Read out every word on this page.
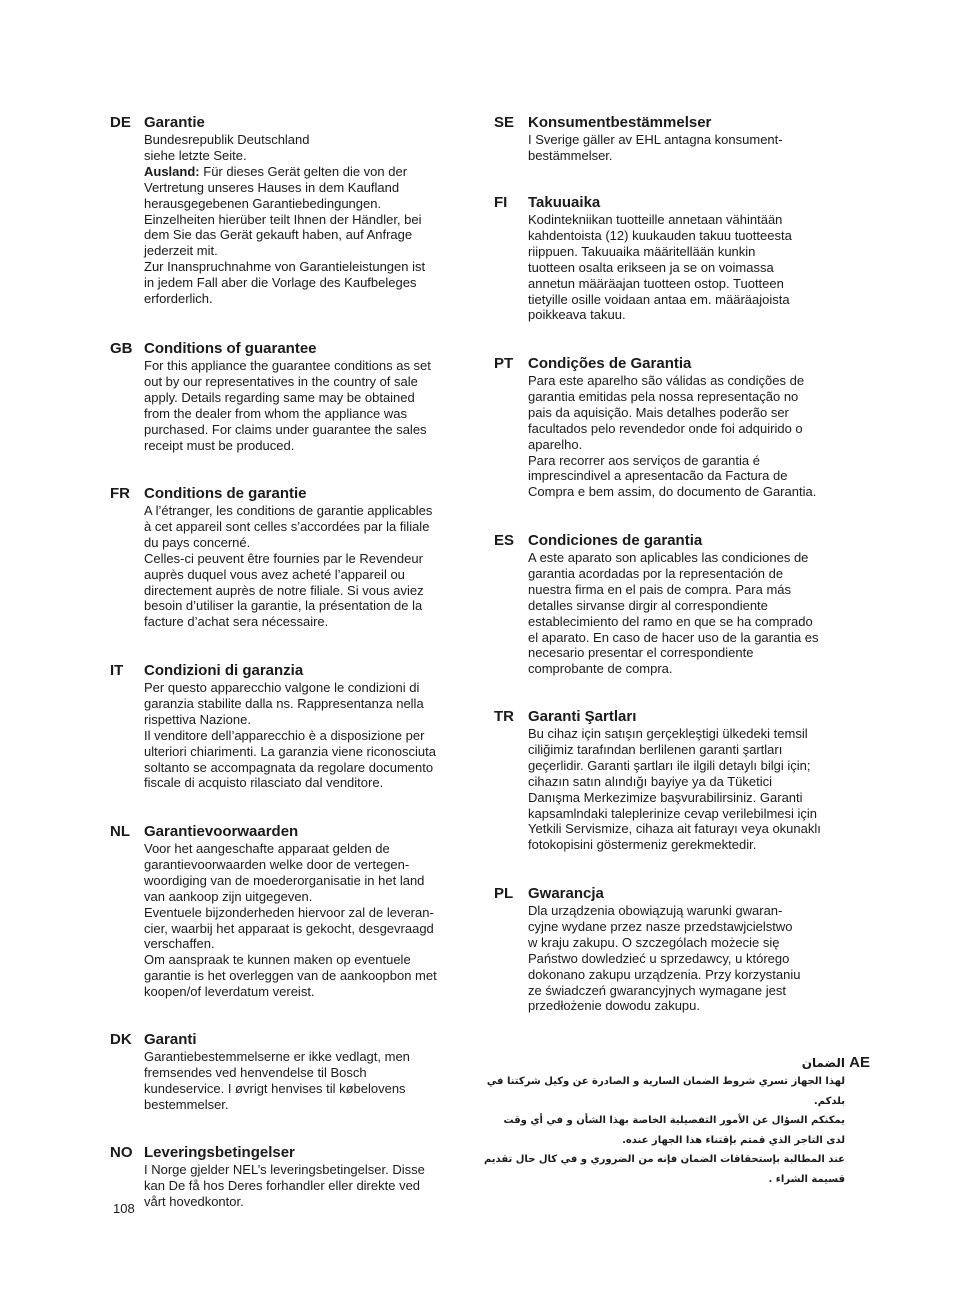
DE Garantie
Bundesrepublik Deutschland
siehe letzte Seite.
Ausland: Für dieses Gerät gelten die von der
Vertretung unseres Hauses in dem Kaufland
herausgegebenen Garantiebedingungen.
Einzelheiten hierüber teilt Ihnen der Händler, bei
dem Sie das Gerät gekauft haben, auf Anfrage
jederzeit mit.
Zur Inanspruchnahme von Garantieleistungen ist
in jedem Fall aber die Vorlage des Kaufbeleges
erforderlich.
GB Conditions of guarantee
For this appliance the guarantee conditions as set
out by our representatives in the country of sale
apply. Details regarding same may be obtained
from the dealer from whom the appliance was
purchased. For claims under guarantee the sales
receipt must be produced.
FR Conditions de garantie
A l’étranger, les conditions de garantie applicables
à cet appareil sont celles s’accordées par la filiale
du pays concerné.
Celles-ci peuvent être fournies par le Revendeur
auprès duquel vous avez acheté l’appareil ou
directement auprès de notre filiale. Si vous aviez
besoin d’utiliser la garantie, la présentation de la
facture d’achat sera nécessaire.
IT Condizioni di garanzia
Per questo apparecchio valgone le condizioni di
garanzia stabilite dalla ns. Rappresentanza nella
rispettiva Nazione.
Il venditore dell’apparecchio è a disposizione per
ulteriori chiarimenti. La garanzia viene riconosciuta
soltanto se accompagnata da regolare documento
fiscale di acquisto rilasciato dal venditore.
NL Garantievoorwaarden
Voor het aangeschafte apparaat gelden de
garantievoorwaarden welke door de vertegen-
woordiging van de moederorganisatie in het land
van aankoop zijn uitgegeven.
Eventuele bijzonderheden hiervoor zal de leveran-
cier, waarbij het apparaat is gekocht, desgevraagd
verschaffen.
Om aanspraak te kunnen maken op eventuele
garantie is het overleggen van de aankoopbon met
koopen/of leverdatum vereist.
DK Garanti
Garantiebestemmelserne er ikke vedlagt, men
fremsendes ved henvendelse til Bosch
kundeservice. I øvrigt henvises til købelovens
bestemmelser.
NO Leveringsbetingelser
I Norge gjelder NEL’s leveringsbetingelser. Disse
kan De få hos Deres forhandler eller direkte ved
vårt hovedkontor.
SE Konsumentbestämmelser
I Sverige gäller av EHL antagna konsument-
bestämmelser.
FI Takuuaika
Kodintekniikan tuotteille annetaan vähintään
kahdentoista (12) kuukauden takuu tuotteesta
riippuen. Takuuaika määritellään kunkin
tuotteen osalta erikseen ja se on voimassa
annetun määräajan tuotteen ostop. Tuotteen
tietyille osille voidaan antaa em. määräajoista
poikkeava takuu.
PT Condições de Garantia
Para este aparelho são válidas as condições de
garantia emitidas pela nossa representação no
pais da aquisição. Mais detalhes poderão ser
facultados pelo revendedor onde foi adquirido o
aparelho.
Para recorrer aos serviços de garantia é
imprescindivel a apresentacão da Factura de
Compra e bem assim, do documento de Garantia.
ES Condiciones de garantia
A este aparato son aplicables las condiciones de
garantia acordadas por la representación de
nuestra firma en el pais de compra. Para más
detalles sirvanse dirgir al correspondiente
establecimiento del ramo en que se ha comprado
el aparato. En caso de hacer uso de la garantia es
necesario presentar el correspondiente
comprobante de compra.
TR Garanti Şartları
Bu cihaz için satışın gerçekleştigi ülkedeki temsil
ciliğimiz tarafından berlilenen garanti şartları
geçerlidir. Garanti şartları ile ilgili detaylı bilgi için;
cihazın satın alındığı bayiye ya da Tüketici
Danışma Merkezimize başvurabilirsiniz. Garanti
kapsamlndaki taleplerinize cevap verilebilmesi için
Yetkili Servismize, cihaza ait faturayı veya okunaklı
fotokopisini göstermeniz gerekmektedir.
PL Gwarancja
Dla urządzenia obowiązują warunki gwaran-
cyjne wydane przez nasze przedstawjcielstwo
w kraju zakupu. O szczególach możecie się
Państwo dowledzieć u sprzedawcy, u którego
dokonano zakupu urządzenia. Przy korzystaniu
ze świadczeń gwarancyjnych wymagane jest
przedłożenie dowodu zakupu.
AE
الضمان
لهذا الجهاز تسري شروط الضمان السارية و الصادرة عن وكيل شركتنا في
بلدكم.
يمكنكم السؤال عن الأمور التفصيلية الخاصة بهذا الشأن و في أي وقت
لدى التاجر الذي قمتم بإقتناء هذا الجهاز عنده.
عند المطالبة بإستحقاقات الضمان فإنه من الضروري و في كال حال تقديم
قسيمة الشراء .
108
